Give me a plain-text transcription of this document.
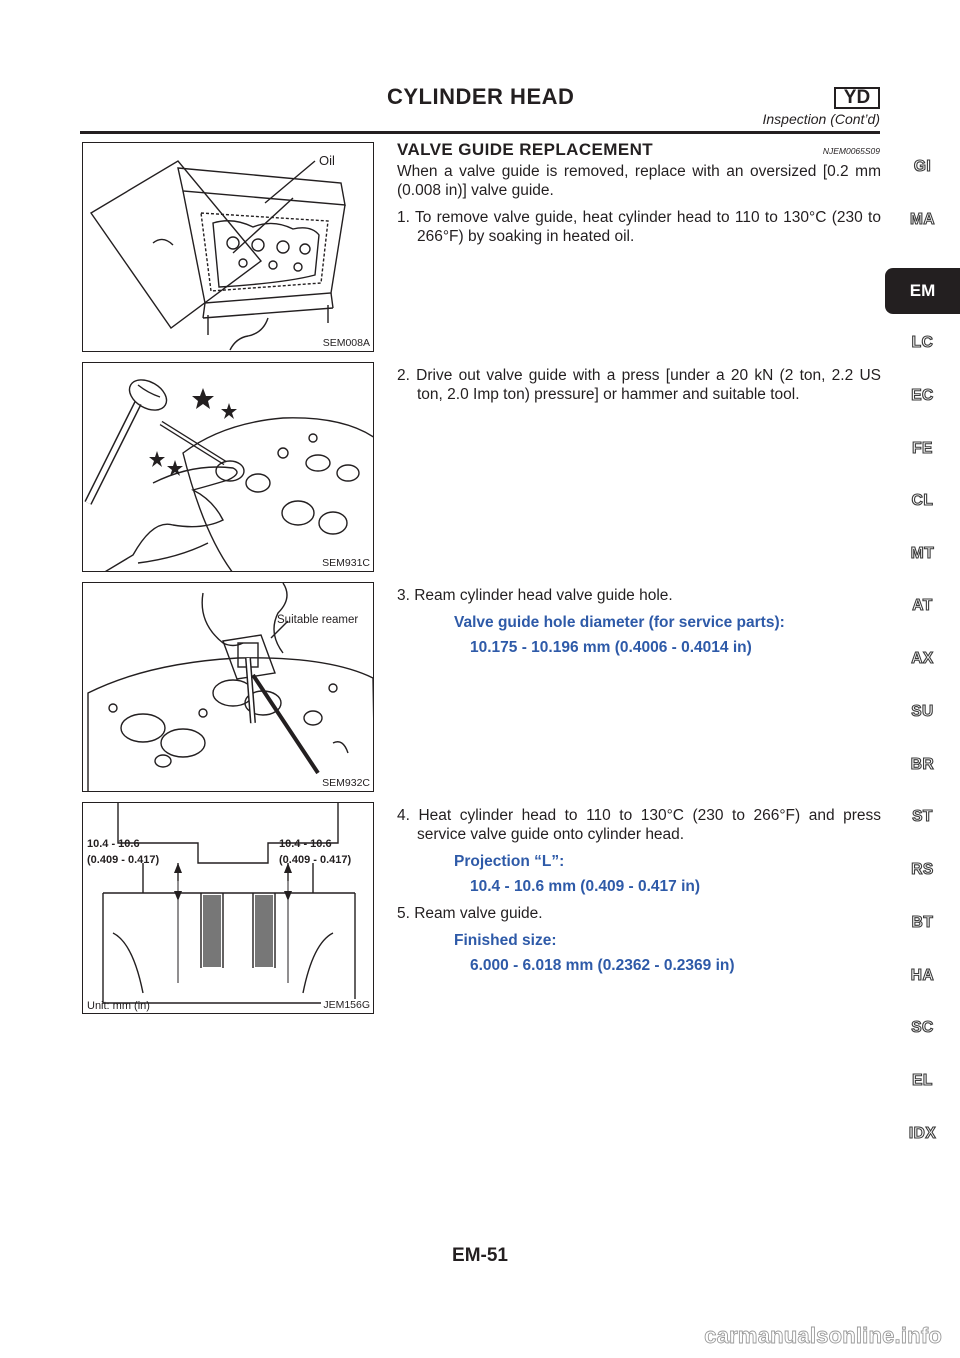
CYLINDER HEAD	YD
Inspection (Cont’d)
Oil
SEM008A
SEM931C
Suitable reamer
SEM932C
10.4 - 10.6
(0.409 - 0.417)
10.4 - 10.6
(0.409 - 0.417)
Unit: mm (in)	JEM156G
VALVE GUIDE REPLACEMENT	NJEM0065S09

When a valve guide is removed, replace with an oversized [0.2 mm (0.008 in)] valve guide.

1. To remove valve guide, heat cylinder head to 110 to 130°C (230 to 266°F) by soaking in heated oil.

2. Drive out valve guide with a press [under a 20 kN (2 ton, 2.2 US ton, 2.0 Imp ton) pressure] or hammer and suitable tool.

3. Ream cylinder head valve guide hole.

Valve guide hole diameter (for service parts):
10.175 - 10.196 mm (0.4006 - 0.4014 in)

4. Heat cylinder head to 110 to 130°C (230 to 266°F) and press service valve guide onto cylinder head.

Projection “L”:
10.4 - 10.6 mm (0.409 - 0.417 in)

5. Ream valve guide.

Finished size:
6.000 - 6.018 mm (0.2362 - 0.2369 in)
EM
GI
MA
LC
EC
FE
CL
MT
AT
AX
SU
BR
ST
RS
BT
HA
SC
EL
IDX
EM-51
carmanualsonline.info
